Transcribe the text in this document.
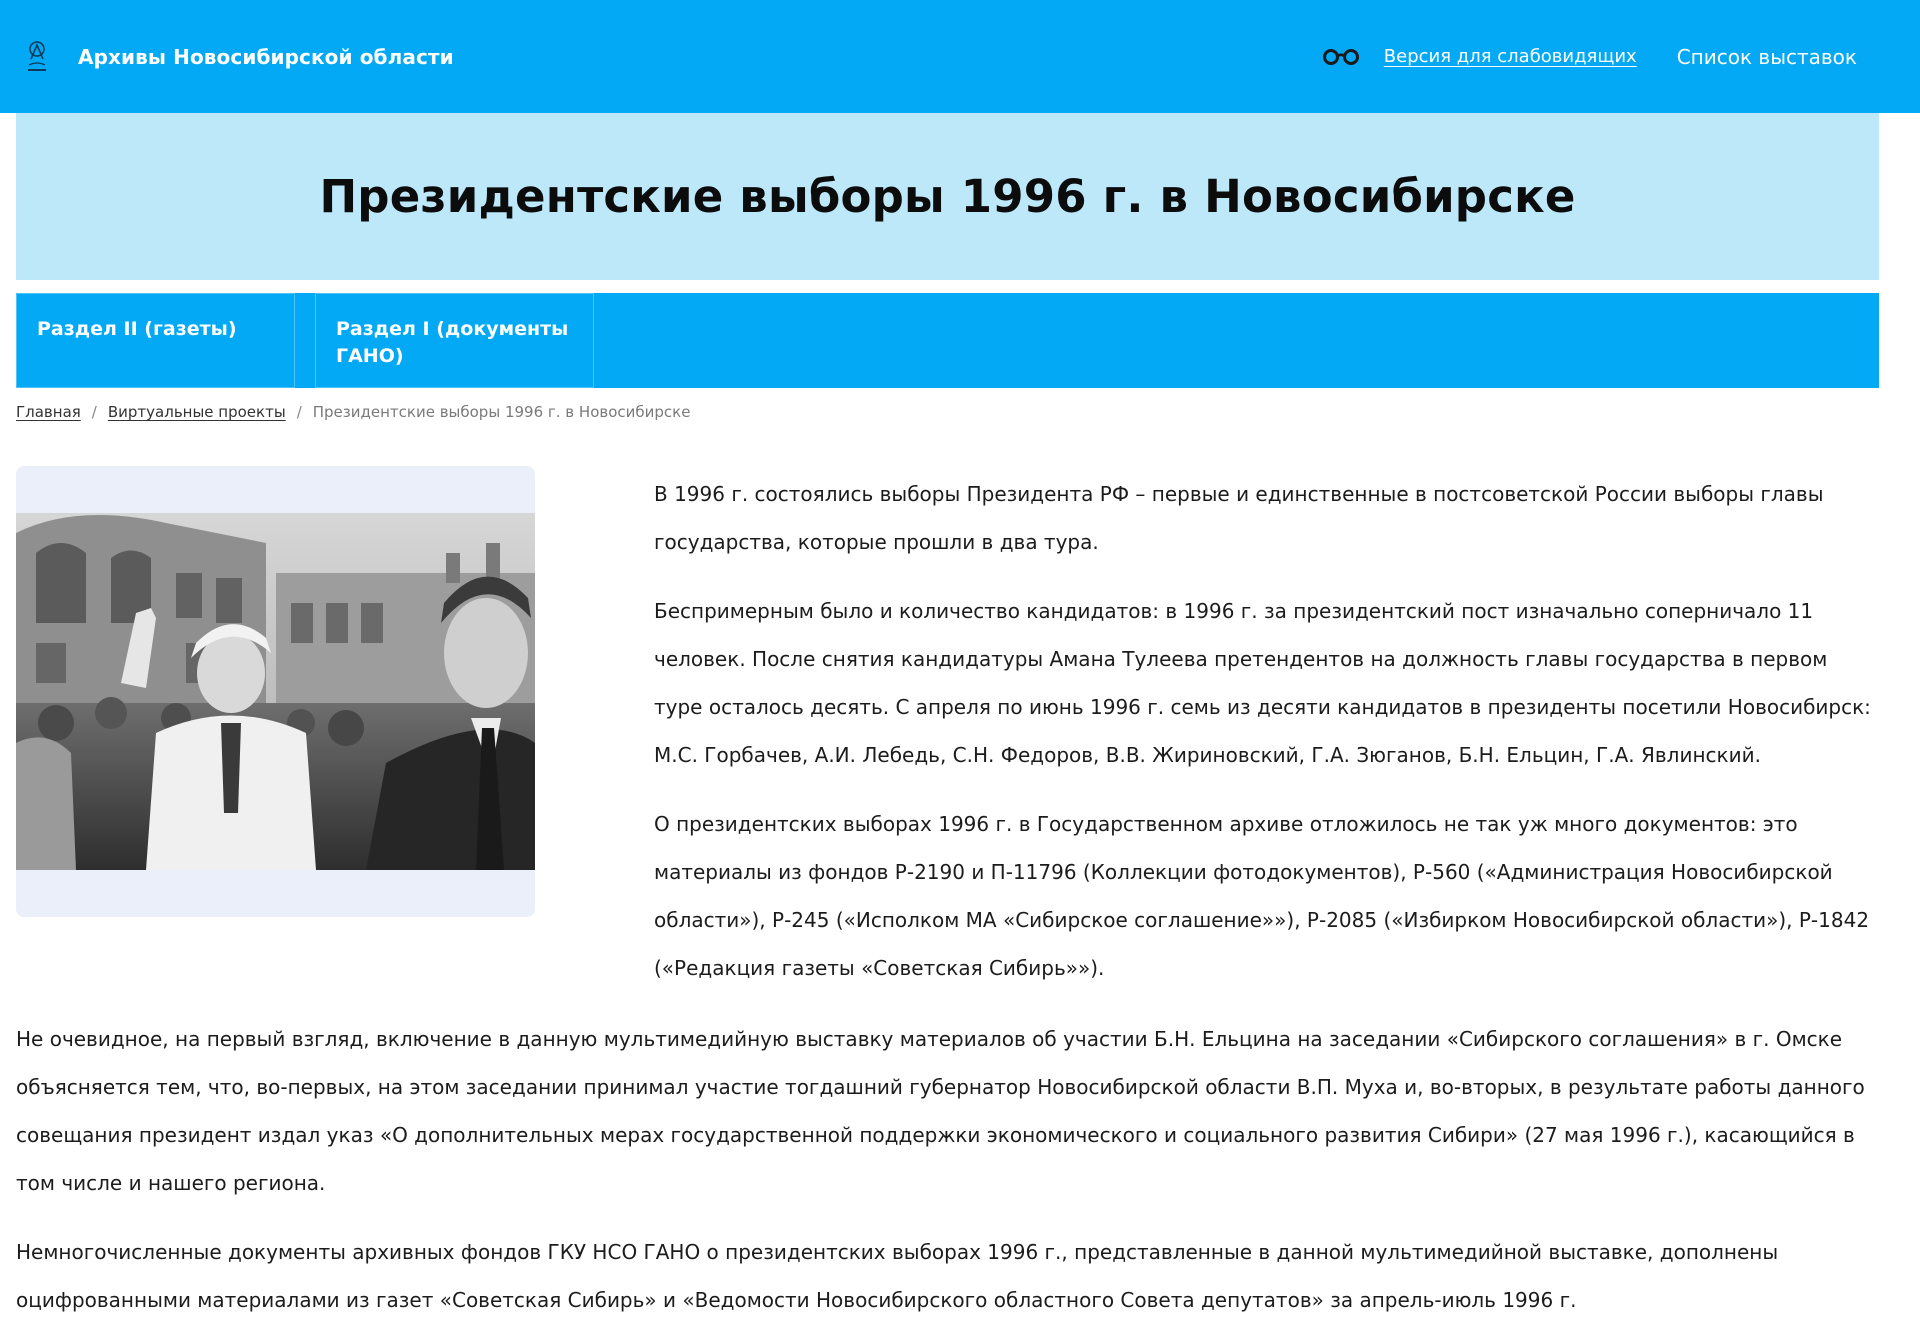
Архивы Новосибирской области	Версия для слабовидящих Список выставок
Президентские выборы 1996 г. в Новосибирске
Раздел II (газеты)	Раздел I (документы ГАНО)
Главная / Виртуальные проекты / Президентские выборы 1996 г. в Новосибирске

В 1996 г. состоялись выборы Президента РФ – первые и единственные в постсоветской России выборы главы государства, которые прошли в два тура.

Беспримерным было и количество кандидатов: в 1996 г. за президентский пост изначально соперничало 11 человек. После снятия кандидатуры Амана Тулеева претендентов на должность главы государства в первом туре осталось десять. С апреля по июнь 1996 г. семь из десяти кандидатов в президенты посетили Новосибирск: М.С. Горбачев, А.И. Лебедь, С.Н. Федоров, В.В. Жириновский, Г.А. Зюганов, Б.Н. Ельцин, Г.А. Явлинский.

О президентских выборах 1996 г. в Государственном архиве отложилось не так уж много документов: это материалы из фондов Р-2190 и П-11796 (Коллекции фотодокументов), Р-560 («Администрация Новосибирской области»), Р-245 («Исполком МА «Сибирское соглашение»»), Р-2085 («Избирком Новосибирской области»), Р-1842 («Редакция газеты «Советская Сибирь»»).

Не очевидное, на первый взгляд, включение в данную мультимедийную выставку материалов об участии Б.Н. Ельцина на заседании «Сибирского соглашения» в г. Омске объясняется тем, что, во-первых, на этом заседании принимал участие тогдашний губернатор Новосибирской области В.П. Муха и, во-вторых, в результате работы данного совещания президент издал указ «О дополнительных мерах государственной поддержки экономического и социального развития Сибири» (27 мая 1996 г.), касающийся в том числе и нашего региона.

Немногочисленные документы архивных фондов ГКУ НСО ГАНО о президентских выборах 1996 г., представленные в данной мультимедийной выставке, дополнены оцифрованными материалами из газет «Советская Сибирь» и «Ведомости Новосибирского областного Совета депутатов» за апрель-июль 1996 г.
